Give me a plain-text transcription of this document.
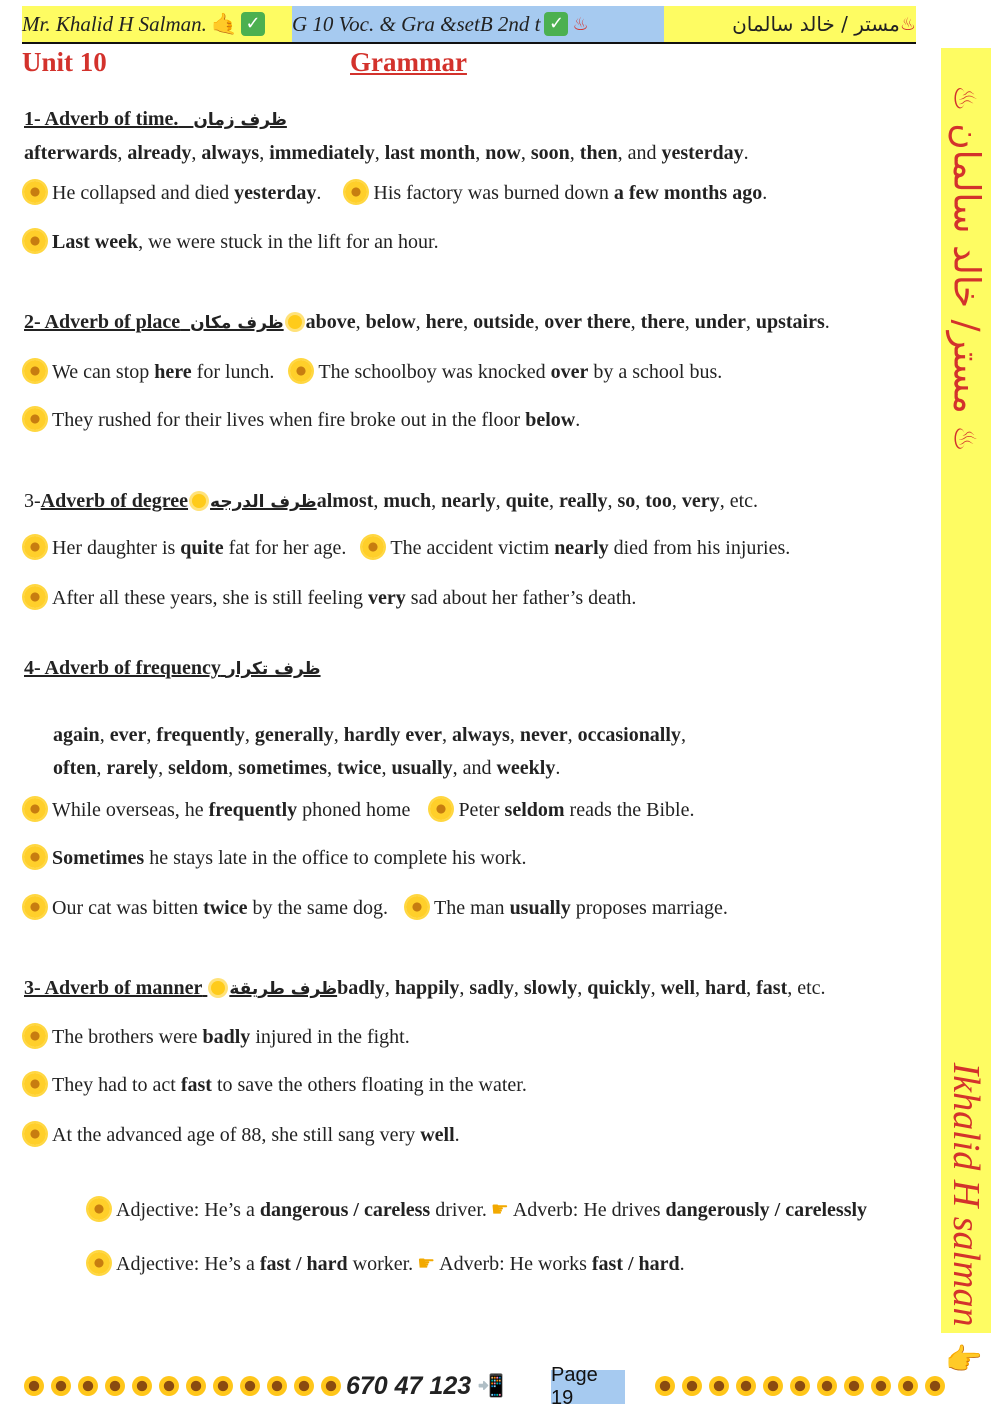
Mr. Khalid H Salman. 🤙 ✓ G 10 Voc. & Gra &setB 2nd t ✓ ♨	مستر / خالد سالمان ♨
♨ مستر/ خالد سالمان ♨
Ikhalid H salman 👆
Unit 10	Grammar
1- Adverb of time. ظرف زمان
afterwards, already, always, immediately, last month, now, soon, then, and yesterday.
He collapsed and died yesterday.	His factory was burned down a few months ago.
Last week, we were stuck in the lift for an hour.
2- Adverb of place ظرف مكان above, below, here, outside, over there, there, under, upstairs.
We can stop here for lunch. The schoolboy was knocked over by a school bus.
They rushed for their lives when fire broke out in the floor below.
3-Adverb of degree ظرف الدرجهalmost, much, nearly, quite, really, so, too, very, etc.
Her daughter is quite fat for her age. The accident victim nearly died from his injuries.
After all these years, she is still feeling very sad about her father’s death.
4- Adverb of frequency ظرف تكرار
again, ever, frequently, generally, hardly ever, always, never, occasionally,
often, rarely, seldom, sometimes, twice, usually, and weekly.
While overseas, he frequently phoned home Peter seldom reads the Bible.
Sometimes he stays late in the office to complete his work.
Our cat was bitten twice by the same dog. The man usually proposes marriage.
3- Adverb of manner ظرف طريقةbadly, happily, sadly, slowly, quickly, well, hard, fast, etc.
The brothers were badly injured in the fight.
They had to act fast to save the others floating in the water.
At the advanced age of 88, she still sang very well.
Adjective: He’s a dangerous / careless driver. ☛ Adverb: He drives dangerously / carelessly
Adjective: He’s a fast / hard worker. ☛ Adverb: He works fast / hard.
670 47 123 📲 Page 19
